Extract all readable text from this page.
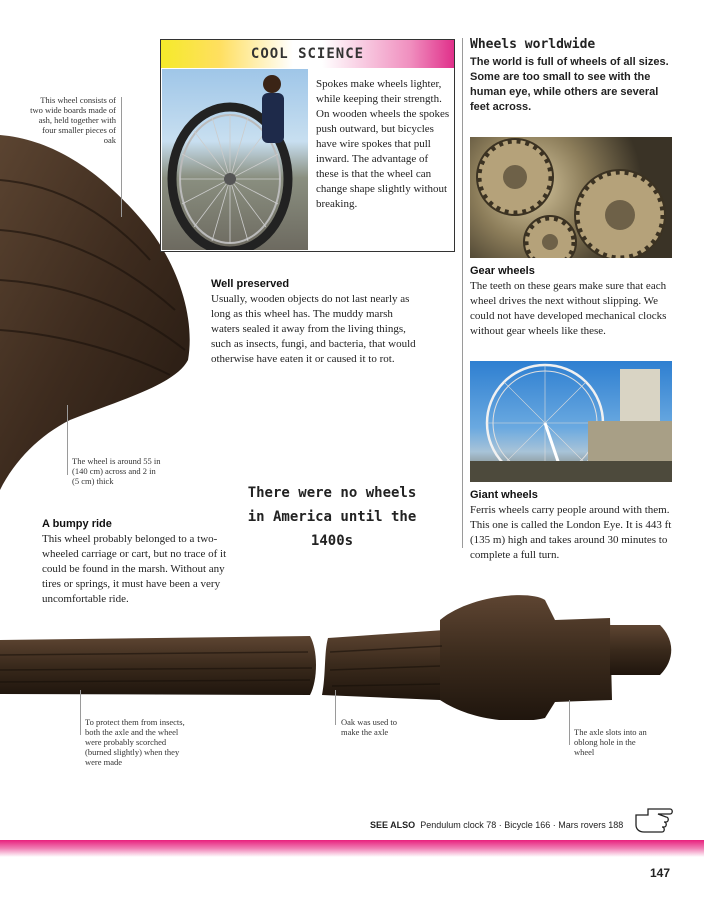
COOL SCIENCE
Spokes make wheels lighter, while keeping their strength. On wooden wheels the spokes push outward, but bicycles have wire spokes that pull inward. The advantage of these is that the wheel can change shape slightly without breaking.
This wheel consists of two wide boards made of ash, held together with four smaller pieces of oak
The wheel is around 55 in (140 cm) across and 2 in (5 cm) thick
Well preserved
Usually, wooden objects do not last nearly as long as this wheel has. The muddy marsh waters sealed it away from the living things, such as insects, fungi, and bacteria, that would otherwise have eaten it or caused it to rot.
A bumpy ride
This wheel probably belonged to a two-wheeled carriage or cart, but no trace of it could be found in the marsh. Without any tires or springs, it must have been a very uncomfortable ride.
There were no wheels in America until the 1400s
Wheels worldwide
The world is full of wheels of all sizes. Some are too small to see with the human eye, while others are several feet across.
Gear wheels
The teeth on these gears make sure that each wheel drives the next without slipping. We could not have developed mechanical clocks without gear wheels like these.
Giant wheels
Ferris wheels carry people around with them. This one is called the London Eye. It is 443 ft (135 m) high and takes around 30 minutes to complete a full turn.
To protect them from insects, both the axle and the wheel were probably scorched (burned slightly) when they were made
Oak was used to make the axle	The axle slots into an oblong hole in the wheel
SEE ALSO Pendulum clock 78 · Bicycle 166 · Mars rovers 188
147
